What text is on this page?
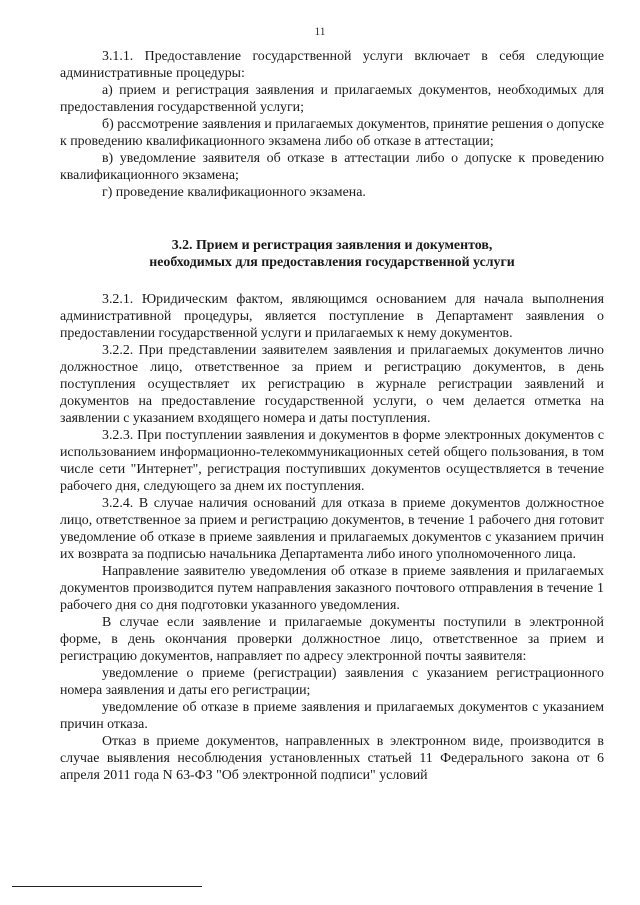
11

3.1.1. Предоставление государственной услуги включает в себя следующие административные процедуры:

а) прием и регистрация заявления и прилагаемых документов, необходимых для предоставления государственной услуги;

б) рассмотрение заявления и прилагаемых документов, принятие решения о допуске к проведению квалификационного экзамена либо об отказе в аттестации;

в) уведомление заявителя об отказе в аттестации либо о допуске к проведению квалификационного экзамена;

г) проведение квалификационного экзамена.

3.2. Прием и регистрация заявления и документов,
необходимых для предоставления государственной услуги

3.2.1. Юридическим фактом, являющимся основанием для начала выполнения административной процедуры, является поступление в Департамент заявления о предоставлении государственной услуги и прилагаемых к нему документов.

3.2.2. При представлении заявителем заявления и прилагаемых документов лично должностное лицо, ответственное за прием и регистрацию документов, в день поступления осуществляет их регистрацию в журнале регистрации заявлений и документов на предоставление государственной услуги, о чем делается отметка на заявлении с указанием входящего номера и даты поступления.

3.2.3. При поступлении заявления и документов в форме электронных документов с использованием информационно-телекоммуникационных сетей общего пользования, в том числе сети "Интернет", регистрация поступивших документов осуществляется в течение рабочего дня, следующего за днем их поступления.

3.2.4. В случае наличия оснований для отказа в приеме документов должностное лицо, ответственное за прием и регистрацию документов, в течение 1 рабочего дня готовит уведомление об отказе в приеме заявления и прилагаемых документов с указанием причин их возврата за подписью начальника Департамента либо иного уполномоченного лица.

Направление заявителю уведомления об отказе в приеме заявления и прилагаемых документов производится путем направления заказного почтового отправления в течение 1 рабочего дня со дня подготовки указанного уведомления.

В случае если заявление и прилагаемые документы поступили в электронной форме, в день окончания проверки должностное лицо, ответственное за прием и регистрацию документов, направляет по адресу электронной почты заявителя:

уведомление о приеме (регистрации) заявления с указанием регистрационного номера заявления и даты его регистрации;

уведомление об отказе в приеме заявления и прилагаемых документов с указанием причин отказа.

Отказ в приеме документов, направленных в электронном виде, производится в случае выявления несоблюдения установленных статьей 11 Федерального закона от 6 апреля 2011 года N 63-ФЗ "Об электронной подписи" условий
